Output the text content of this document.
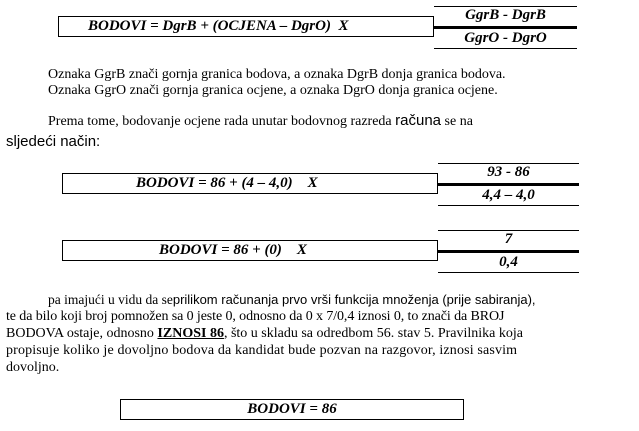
BODOVI = DgrB + (OCJENA – DgrO)  X
GgrB - DgrB
GgrO - DgrO
Oznaka GgrB znači gornja granica bodova, a oznaka DgrB donja granica bodova.
Oznaka GgrO znači gornja granica ocjene, a oznaka DgrO donja granica ocjene.
Prema tome, bodovanje ocjene rada unutar bodovnog razreda računa se na
sljedeći način:
BODOVI = 86 + (4 – 4,0)    X
93 - 86
4,4 – 4,0
BODOVI = 86 + (0)    X
7
0,4
pa imajući u vidu da seprilikom računanja prvo vrši funkcija množenja (prije sabiranja),
te da bilo koji broj pomnožen sa 0 jeste 0, odnosno da 0 x 7/0,4 iznosi 0, to znači da BROJ
BODOVA ostaje, odnosno IZNOSI 86, što u skladu sa odredbom 56. stav 5. Pravilnika koja
propisuje koliko je dovoljno bodova da kandidat bude pozvan na razgovor, iznosi sasvim
dovoljno.
BODOVI = 86
